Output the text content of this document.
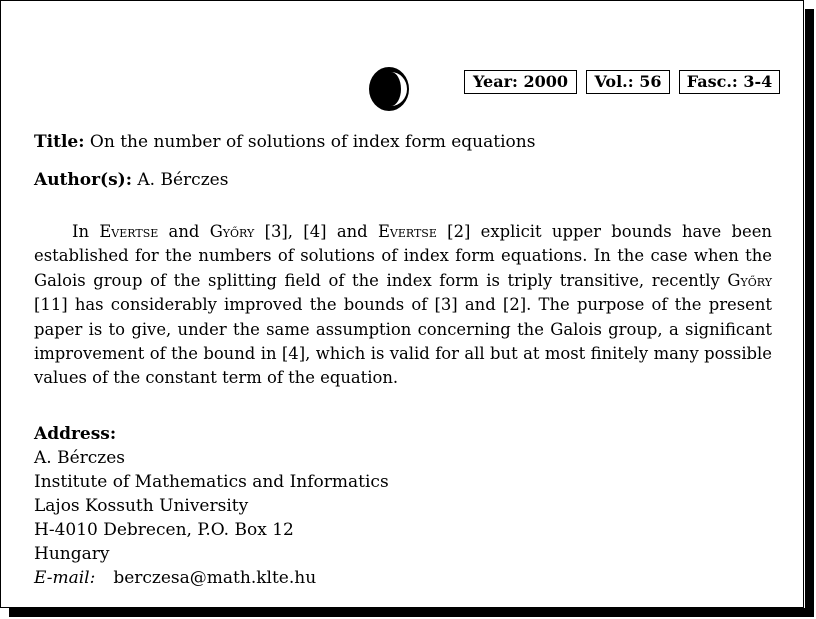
Year: 2000	Vol.: 56	Fasc.: 3-4
Title: On the number of solutions of index form equations
Author(s): A. Bérczes

In Evertse and Győry [3], [4] and Evertse [2] explicit upper bounds have been established for the numbers of solutions of index form equations. In the case when the Galois group of the splitting field of the index form is triply transitive, recently Győry [11] has considerably improved the bounds of [3] and [2]. The purpose of the present paper is to give, under the same assumption concerning the Galois group, a significant improvement of the bound in [4], which is valid for all but at most finitely many possible values of the constant term of the equation.

Address:
A. Bérczes
Institute of Mathematics and Informatics
Lajos Kossuth University
H-4010 Debrecen, P.O. Box 12
Hungary
E-mail: berczesa@math.klte.hu
